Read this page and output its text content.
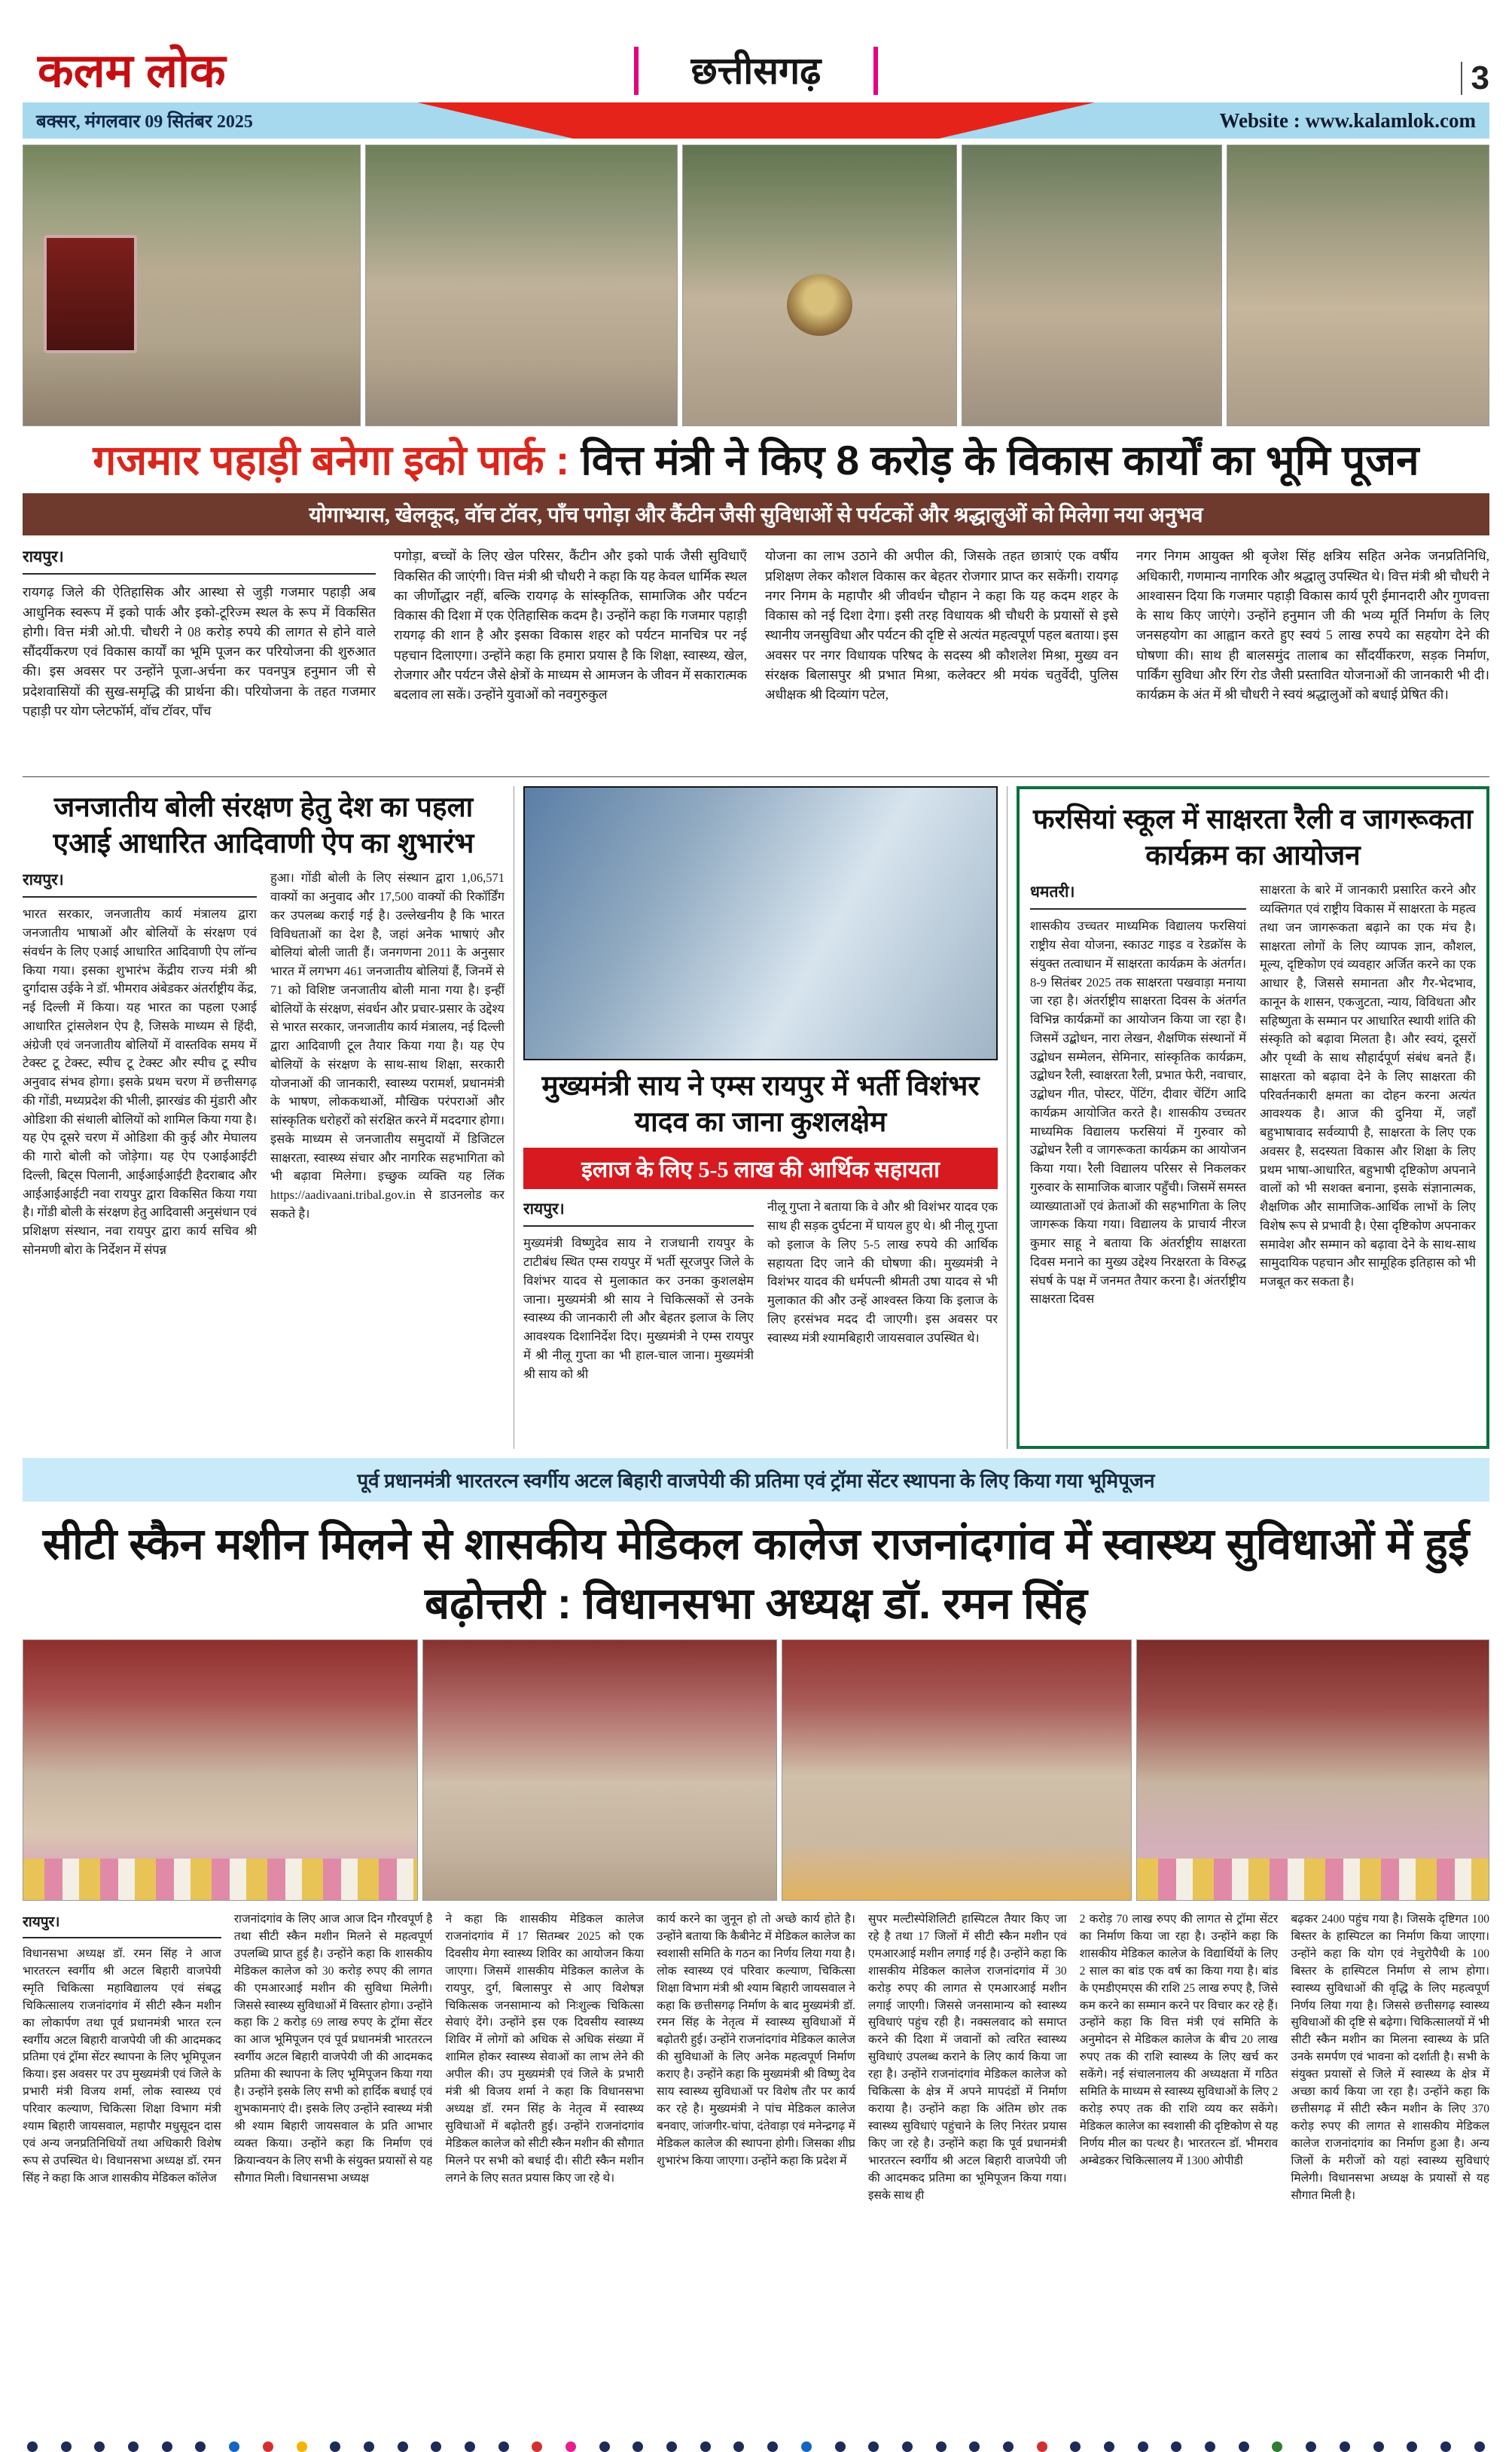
कलम लोक	छत्तीसगढ़	3
बक्सर, मंगलवार 09 सितंबर 2025	Website : www.kalamlok.com
गजमार पहाड़ी बनेगा इको पार्क : वित्त मंत्री ने किए 8 करोड़ के विकास कार्यों का भूमि पूजन
योगाभ्यास, खेलकूद, वॉच टॉवर, पाँच पगोड़ा और कैंटीन जैसी सुविधाओं से पर्यटकों और श्रद्धालुओं को मिलेगा नया अनुभव
रायपुर।

रायगढ़ जिले की ऐतिहासिक और आस्था से जुड़ी गजमार पहाड़ी अब आधुनिक स्वरूप में इको पार्क और इको-टूरिज्म स्थल के रूप में विकसित होगी। वित्त मंत्री ओ.पी. चौधरी ने 08 करोड़ रुपये की लागत से होने वाले सौंदर्यीकरण एवं विकास कार्यों का भूमि पूजन कर परियोजना की शुरुआत की। इस अवसर पर उन्होंने पूजा-अर्चना कर पवनपुत्र हनुमान जी से प्रदेशवासियों की सुख-समृद्धि की प्रार्थना की। परियोजना के तहत गजमार पहाड़ी पर योग प्लेटफॉर्म, वॉच टॉवर, पाँच

पगोड़ा, बच्चों के लिए खेल परिसर, कैंटीन और इको पार्क जैसी सुविधाएँ विकसित की जाएंगी। वित्त मंत्री श्री चौधरी ने कहा कि यह केवल धार्मिक स्थल का जीर्णोद्धार नहीं, बल्कि रायगढ़ के सांस्कृतिक, सामाजिक और पर्यटन विकास की दिशा में एक ऐतिहासिक कदम है। उन्होंने कहा कि गजमार पहाड़ी रायगढ़ की शान है और इसका विकास शहर को पर्यटन मानचित्र पर नई पहचान दिलाएगा। उन्होंने कहा कि हमारा प्रयास है कि शिक्षा, स्वास्थ्य, खेल, रोजगार और पर्यटन जैसे क्षेत्रों के माध्यम से आमजन के जीवन में सकारात्मक बदलाव ला सकें। उन्होंने युवाओं को नवगुरुकुल

योजना का लाभ उठाने की अपील की, जिसके तहत छात्राएं एक वर्षीय प्रशिक्षण लेकर कौशल विकास कर बेहतर रोजगार प्राप्त कर सकेंगी। रायगढ़ नगर निगम के महापौर श्री जीवर्धन चौहान ने कहा कि यह कदम शहर के विकास को नई दिशा देगा। इसी तरह विधायक श्री चौधरी के प्रयासों से इसे स्थानीय जनसुविधा और पर्यटन की दृष्टि से अत्यंत महत्वपूर्ण पहल बताया। इस अवसर पर नगर विधायक परिषद के सदस्य श्री कौशलेश मिश्रा, मुख्य वन संरक्षक बिलासपुर श्री प्रभात मिश्रा, कलेक्टर श्री मयंक चतुर्वेदी, पुलिस अधीक्षक श्री दिव्यांग पटेल,

नगर निगम आयुक्त श्री बृजेश सिंह क्षत्रिय सहित अनेक जनप्रतिनिधि, अधिकारी, गणमान्य नागरिक और श्रद्धालु उपस्थित थे। वित्त मंत्री श्री चौधरी ने आश्वासन दिया कि गजमार पहाड़ी विकास कार्य पूरी ईमानदारी और गुणवत्ता के साथ किए जाएंगे। उन्होंने हनुमान जी की भव्य मूर्ति निर्माण के लिए जनसहयोग का आह्वान करते हुए स्वयं 5 लाख रुपये का सहयोग देने की घोषणा की। साथ ही बालसमुंद तालाब का सौंदर्यीकरण, सड़क निर्माण, पार्किंग सुविधा और रिंग रोड जैसी प्रस्तावित योजनाओं की जानकारी भी दी। कार्यक्रम के अंत में श्री चौधरी ने स्वयं श्रद्धालुओं को बधाई प्रेषित की।

जनजातीय बोली संरक्षण हेतु देश का पहला एआई आधारित आदिवाणी ऐप का शुभारंभ
रायपुर।

भारत सरकार, जनजातीय कार्य मंत्रालय द्वारा जनजातीय भाषाओं और बोलियों के संरक्षण एवं संवर्धन के लिए एआई आधारित आदिवाणी ऐप लॉन्च किया गया। इसका शुभारंभ केंद्रीय राज्य मंत्री श्री दुर्गादास उईके ने डॉ. भीमराव अंबेडकर अंतर्राष्ट्रीय केंद्र, नई दिल्ली में किया। यह भारत का पहला एआई आधारित ट्रांसलेशन ऐप है, जिसके माध्यम से हिंदी, अंग्रेजी एवं जनजातीय बोलियों में वास्तविक समय में टेक्स्ट टू टेक्स्ट, स्पीच टू टेक्स्ट और स्पीच टू स्पीच अनुवाद संभव होगा। इसके प्रथम चरण में छत्तीसगढ़ की गोंडी, मध्यप्रदेश की भीली, झारखंड की मुंडारी और ओडिशा की संथाली बोलियों को शामिल किया गया है। यह ऐप दूसरे चरण में ओडिशा की कुई और मेघालय की गारो बोली को जोड़ेगा। यह ऐप एआईआईटी दिल्ली, बिट्स पिलानी, आईआईआईटी हैदराबाद और आईआईआईटी नवा रायपुर द्वारा विकसित किया गया है। गोंडी बोली के संरक्षण हेतु आदिवासी अनुसंधान एवं प्रशिक्षण संस्थान, नवा रायपुर द्वारा कार्य सचिव श्री सोनमणी बोरा के निर्देशन में संपन्न

हुआ। गोंडी बोली के लिए संस्थान द्वारा 1,06,571 वाक्यों का अनुवाद और 17,500 वाक्यों की रिकॉर्डिंग कर उपलब्ध कराई गई है। उल्लेखनीय है कि भारत विविधताओं का देश है, जहां अनेक भाषाएं और बोलियां बोली जाती हैं। जनगणना 2011 के अनुसार भारत में लगभग 461 जनजातीय बोलियां हैं, जिनमें से 71 को विशिष्ट जनजातीय बोली माना गया है। इन्हीं बोलियों के संरक्षण, संवर्धन और प्रचार-प्रसार के उद्देश्य से भारत सरकार, जनजातीय कार्य मंत्रालय, नई दिल्ली द्वारा आदिवाणी टूल तैयार किया गया है। यह ऐप बोलियों के संरक्षण के साथ-साथ शिक्षा, सरकारी योजनाओं की जानकारी, स्वास्थ्य परामर्श, प्रधानमंत्री के भाषण, लोककथाओं, मौखिक परंपराओं और सांस्कृतिक धरोहरों को संरक्षित करने में मददगार होगा। इसके माध्यम से जनजातीय समुदायों में डिजिटल साक्षरता, स्वास्थ्य संचार और नागरिक सहभागिता को भी बढ़ावा मिलेगा। इच्छुक व्यक्ति यह लिंक https://aadivaani.tribal.gov.in से डाउनलोड कर सकते है।

मुख्यमंत्री साय ने एम्स रायपुर में भर्ती विशंभर यादव का जाना कुशलक्षेम
इलाज के लिए 5-5 लाख की आर्थिक सहायता
रायपुर।

मुख्यमंत्री विष्णुदेव साय ने राजधानी रायपुर के टाटीबंध स्थित एम्स रायपुर में भर्ती सूरजपुर जिले के विशंभर यादव से मुलाकात कर उनका कुशलक्षेम जाना। मुख्यमंत्री श्री साय ने चिकित्सकों से उनके स्वास्थ्य की जानकारी ली और बेहतर इलाज के लिए आवश्यक दिशानिर्देश दिए। मुख्यमंत्री ने एम्स रायपुर में श्री नीलू गुप्ता का भी हाल-चाल जाना। मुख्यमंत्री श्री साय को श्री

नीलू गुप्ता ने बताया कि वे और श्री विशंभर यादव एक साथ ही सड़क दुर्घटना में घायल हुए थे। श्री नीलू गुप्ता को इलाज के लिए 5-5 लाख रुपये की आर्थिक सहायता दिए जाने की घोषणा की। मुख्यमंत्री ने विशंभर यादव की धर्मपत्नी श्रीमती उषा यादव से भी मुलाकात की और उन्हें आश्वस्त किया कि इलाज के लिए हरसंभव मदद दी जाएगी। इस अवसर पर स्वास्थ्य मंत्री श्यामबिहारी जायसवाल उपस्थित थे।

फरसियां स्कूल में साक्षरता रैली व जागरूकता कार्यक्रम का आयोजन
धमतरी।

शासकीय उच्चतर माध्यमिक विद्यालय फरसियां राष्ट्रीय सेवा योजना, स्काउट गाइड व रेडक्रॉस के संयुक्त तत्वाधान में साक्षरता कार्यक्रम के अंतर्गत। 8-9 सितंबर 2025 तक साक्षरता पखवाड़ा मनाया जा रहा है। अंतर्राष्ट्रीय साक्षरता दिवस के अंतर्गत विभिन्न कार्यक्रमों का आयोजन किया जा रहा है। जिसमें उद्बोधन, नारा लेखन, शैक्षणिक संस्थानों में उद्बोधन सम्मेलन, सेमिनार, सांस्कृतिक कार्यक्रम, उद्बोधन रैली, स्वाक्षरता रैली, प्रभात फेरी, नवाचार, उद्बोधन गीत, पोस्टर, पेंटिंग, दीवार चेंटिंग आदि कार्यक्रम आयोजित करते है। शासकीय उच्चतर माध्यमिक विद्यालय फरसियां में गुरुवार को उद्बोधन रैली व जागरूकता कार्यक्रम का आयोजन किया गया। रैली विद्यालय परिसर से निकलकर गुरुवार के सामाजिक बाजार पहुँची। जिसमें समस्त व्याख्याताओं एवं क्रेताओं की सहभागिता के लिए जागरूक किया गया। विद्यालय के प्राचार्य नीरज कुमार साहू ने बताया कि अंतर्राष्ट्रीय साक्षरता दिवस मनाने का मुख्य उद्देश्य निरक्षरता के विरुद्ध संघर्ष के पक्ष में जनमत तैयार करना है। अंतर्राष्ट्रीय साक्षरता दिवस

साक्षरता के बारे में जानकारी प्रसारित करने और व्यक्तिगत एवं राष्ट्रीय विकास में साक्षरता के महत्व तथा जन जागरूकता बढ़ाने का एक मंच है। साक्षरता लोगों के लिए व्यापक ज्ञान, कौशल, मूल्य, दृष्टिकोण एवं व्यवहार अर्जित करने का एक आधार है, जिससे समानता और गैर-भेदभाव, कानून के शासन, एकजुटता, न्याय, विविधता और सहिष्णुता के सम्मान पर आधारित स्थायी शांति की संस्कृति को बढ़ावा मिलता है। और स्वयं, दूसरों और पृथ्वी के साथ सौहार्दपूर्ण संबंध बनते हैं। साक्षरता को बढ़ावा देने के लिए साक्षरता की परिवर्तनकारी क्षमता का दोहन करना अत्यंत आवश्यक है। आज की दुनिया में, जहाँ बहुभाषावाद सर्वव्यापी है, साक्षरता के लिए एक अवसर है, सदस्यता विकास और शिक्षा के लिए प्रथम भाषा-आधारित, बहुभाषी दृष्टिकोण अपनाने वालों को भी सशक्त बनाना, इसके संज्ञानात्मक, शैक्षणिक और सामाजिक-आर्थिक लाभों के लिए विशेष रूप से प्रभावी है। ऐसा दृष्टिकोण अपनाकर समावेश और सम्मान को बढ़ावा देने के साथ-साथ सामुदायिक पहचान और सामूहिक इतिहास को भी मजबूत कर सकता है।

पूर्व प्रधानमंत्री भारतरत्न स्वर्गीय अटल बिहारी वाजपेयी की प्रतिमा एवं ट्रॉमा सेंटर स्थापना के लिए किया गया भूमिपूजन
सीटी स्कैन मशीन मिलने से शासकीय मेडिकल कालेज राजनांदगांव में स्वास्थ्य सुविधाओं में हुई बढ़ोत्तरी : विधानसभा अध्यक्ष डॉ. रमन सिंह
रायपुर।

विधानसभा अध्यक्ष डॉ. रमन सिंह ने आज भारतरत्न स्वर्गीय श्री अटल बिहारी वाजपेयी स्मृति चिकित्सा महाविद्यालय एवं संबद्ध चिकित्सालय राजनांदगांव में सीटी स्कैन मशीन का लोकार्पण तथा पूर्व प्रधानमंत्री भारत रत्न स्वर्गीय अटल बिहारी वाजपेयी जी की आदमकद प्रतिमा एवं ट्रॉमा सेंटर स्थापना के लिए भूमिपूजन किया। इस अवसर पर उप मुख्यमंत्री एवं जिले के प्रभारी मंत्री विजय शर्मा, लोक स्वास्थ्य एवं परिवार कल्याण, चिकित्सा शिक्षा विभाग मंत्री श्याम बिहारी जायसवाल, महापौर मधुसूदन दास एवं अन्य जनप्रतिनिधियों तथा अधिकारी विशेष रूप से उपस्थित थे। विधानसभा अध्यक्ष डॉ. रमन सिंह ने कहा कि आज शासकीय मेडिकल कॉलेज

राजनांदगांव के लिए आज आज दिन गौरवपूर्ण है तथा सीटी स्कैन मशीन मिलने से महत्वपूर्ण उपलब्धि प्राप्त हुई है। उन्होंने कहा कि शासकीय मेडिकल कालेज को 30 करोड़ रुपए की लागत की एमआरआई मशीन की सुविधा मिलेगी। जिससे स्वास्थ्य सुविधाओं में विस्तार होगा। उन्होंने कहा कि 2 करोड़ 69 लाख रुपए के ट्रॉमा सेंटर का आज भूमिपूजन एवं पूर्व प्रधानमंत्री भारतरत्न स्वर्गीय अटल बिहारी वाजपेयी जी की आदमकद प्रतिमा की स्थापना के लिए भूमिपूजन किया गया है। उन्होंने इसके लिए सभी को हार्दिक बधाई एवं शुभकामनाएं दी। इसके लिए उन्होंने स्वास्थ्य मंत्री श्री श्याम बिहारी जायसवाल के प्रति आभार व्यक्त किया। उन्होंने कहा कि निर्माण एवं क्रियान्वयन के लिए सभी के संयुक्त प्रयासों से यह सौगात मिली। विधानसभा अध्यक्ष

ने कहा कि शासकीय मेडिकल कालेज राजनांदगांव में 17 सितम्बर 2025 को एक दिवसीय मेगा स्वास्थ्य शिविर का आयोजन किया जाएगा। जिसमें शासकीय मेडिकल कालेज के रायपुर, दुर्ग, बिलासपुर से आए विशेषज्ञ चिकित्सक जनसामान्य को निःशुल्क चिकित्सा सेवाएं देंगे। उन्होंने इस एक दिवसीय स्वास्थ्य शिविर में लोगों को अधिक से अधिक संख्या में शामिल होकर स्वास्थ्य सेवाओं का लाभ लेने की अपील की। उप मुख्यमंत्री एवं जिले के प्रभारी मंत्री श्री विजय शर्मा ने कहा कि विधानसभा अध्यक्ष डॉ. रमन सिंह के नेतृत्व में स्वास्थ्य सुविधाओं में बढ़ोतरी हुई। उन्होंने राजनांदगांव मेडिकल कालेज को सीटी स्कैन मशीन की सौगात मिलने पर सभी को बधाई दी। सीटी स्कैन मशीन लगने के लिए सतत प्रयास किए जा रहे थे।

कार्य करने का जुनून हो तो अच्छे कार्य होते है। उन्होंने बताया कि कैबीनेट में मेडिकल कालेज का स्वशासी समिति के गठन का निर्णय लिया गया है। लोक स्वास्थ्य एवं परिवार कल्याण, चिकित्सा शिक्षा विभाग मंत्री श्री श्याम बिहारी जायसवाल ने कहा कि छत्तीसगढ़ निर्माण के बाद मुख्यमंत्री डॉ. रमन सिंह के नेतृत्व में स्वास्थ्य सुविधाओं में बढ़ोतरी हुई। उन्होंने राजनांदगांव मेडिकल कालेज की सुविधाओं के लिए अनेक महत्वपूर्ण निर्माण कराए है। उन्होंने कहा कि मुख्यमंत्री श्री विष्णु देव साय स्वास्थ्य सुविधाओं पर विशेष तौर पर कार्य कर रहे है। मुख्यमंत्री ने पांच मेडिकल कालेज बनवाए, जांजगीर-चांपा, दंतेवाड़ा एवं मनेन्द्रगढ़ में मेडिकल कालेज की स्थापना होगी। जिसका शीघ्र शुभारंभ किया जाएगा। उन्होंने कहा कि प्रदेश में

सुपर मल्टीस्पेशिलिटी हास्पिटल तैयार किए जा रहे है तथा 17 जिलों में सीटी स्कैन मशीन एवं एमआरआई मशीन लगाई गई है। उन्होंने कहा कि शासकीय मेडिकल कालेज राजनांदगांव में 30 करोड़ रुपए की लागत से एमआरआई मशीन लगाई जाएगी। जिससे जनसामान्य को स्वास्थ्य सुविधाएं पहुंच रही है। नक्सलवाद को समाप्त करने की दिशा में जवानों को त्वरित स्वास्थ्य सुविधाएं उपलब्ध कराने के लिए कार्य किया जा रहा है। उन्होंने राजनांदगांव मेडिकल कालेज को चिकित्सा के क्षेत्र में अपने मापदंडों में निर्माण कराया है। उन्होंने कहा कि अंतिम छोर तक स्वास्थ्य सुविधाएं पहुंचाने के लिए निरंतर प्रयास किए जा रहे है। उन्होंने कहा कि पूर्व प्रधानमंत्री भारतरत्न स्वर्गीय श्री अटल बिहारी वाजपेयी जी की आदमकद प्रतिमा का भूमिपूजन किया गया। इसके साथ ही

2 करोड़ 70 लाख रुपए की लागत से ट्रॉमा सेंटर का निर्माण किया जा रहा है। उन्होंने कहा कि शासकीय मेडिकल कालेज के विद्यार्थियों के लिए 2 साल का बांड एक वर्ष का किया गया है। बांड के एमडीएमएस की राशि 25 लाख रुपए है, जिसे कम करने का सम्मान करने पर विचार कर रहे हैं। उन्होंने कहा कि वित्त मंत्री एवं समिति के अनुमोदन से मेडिकल कालेज के बीच 20 लाख रुपए तक की राशि स्वास्थ्य के लिए खर्च कर सकेंगे। नई संचालनालय की अध्यक्षता में गठित समिति के माध्यम से स्वास्थ्य सुविधाओं के लिए 2 करोड़ रुपए तक की राशि व्यय कर सकेंगे। मेडिकल कालेज का स्वशासी की दृष्टिकोण से यह निर्णय मील का पत्थर है। भारतरत्न डॉ. भीमराव अम्बेडकर चिकित्सालय में 1300 ओपीडी

बढ़कर 2400 पहुंच गया है। जिसके दृष्टिगत 100 बिस्तर के हास्पिटल का निर्माण किया जाएगा। उन्होंने कहा कि योग एवं नेचुरोपैथी के 100 बिस्तर के हास्पिटल निर्माण से लाभ होगा। स्वास्थ्य सुविधाओं की वृद्धि के लिए महत्वपूर्ण निर्णय लिया गया है। जिससे छत्तीसगढ़ स्वास्थ्य सुविधाओं की दृष्टि से बढ़ेगा। चिकित्सालयों में भी सीटी स्कैन मशीन का मिलना स्वास्थ्य के प्रति उनके समर्पण एवं भावना को दर्शाती है। सभी के संयुक्त प्रयासों से जिले में स्वास्थ्य के क्षेत्र में अच्छा कार्य किया जा रहा है। उन्होंने कहा कि छत्तीसगढ़ में सीटी स्कैन मशीन के लिए 370 करोड़ रुपए की लागत से शासकीय मेडिकल कालेज राजनांदगांव का निर्माण हुआ है। अन्य जिलों के मरीजों को यहां स्वास्थ्य सुविधाएं मिलेगी। विधानसभा अध्यक्ष के प्रयासों से यह सौगात मिली है।
